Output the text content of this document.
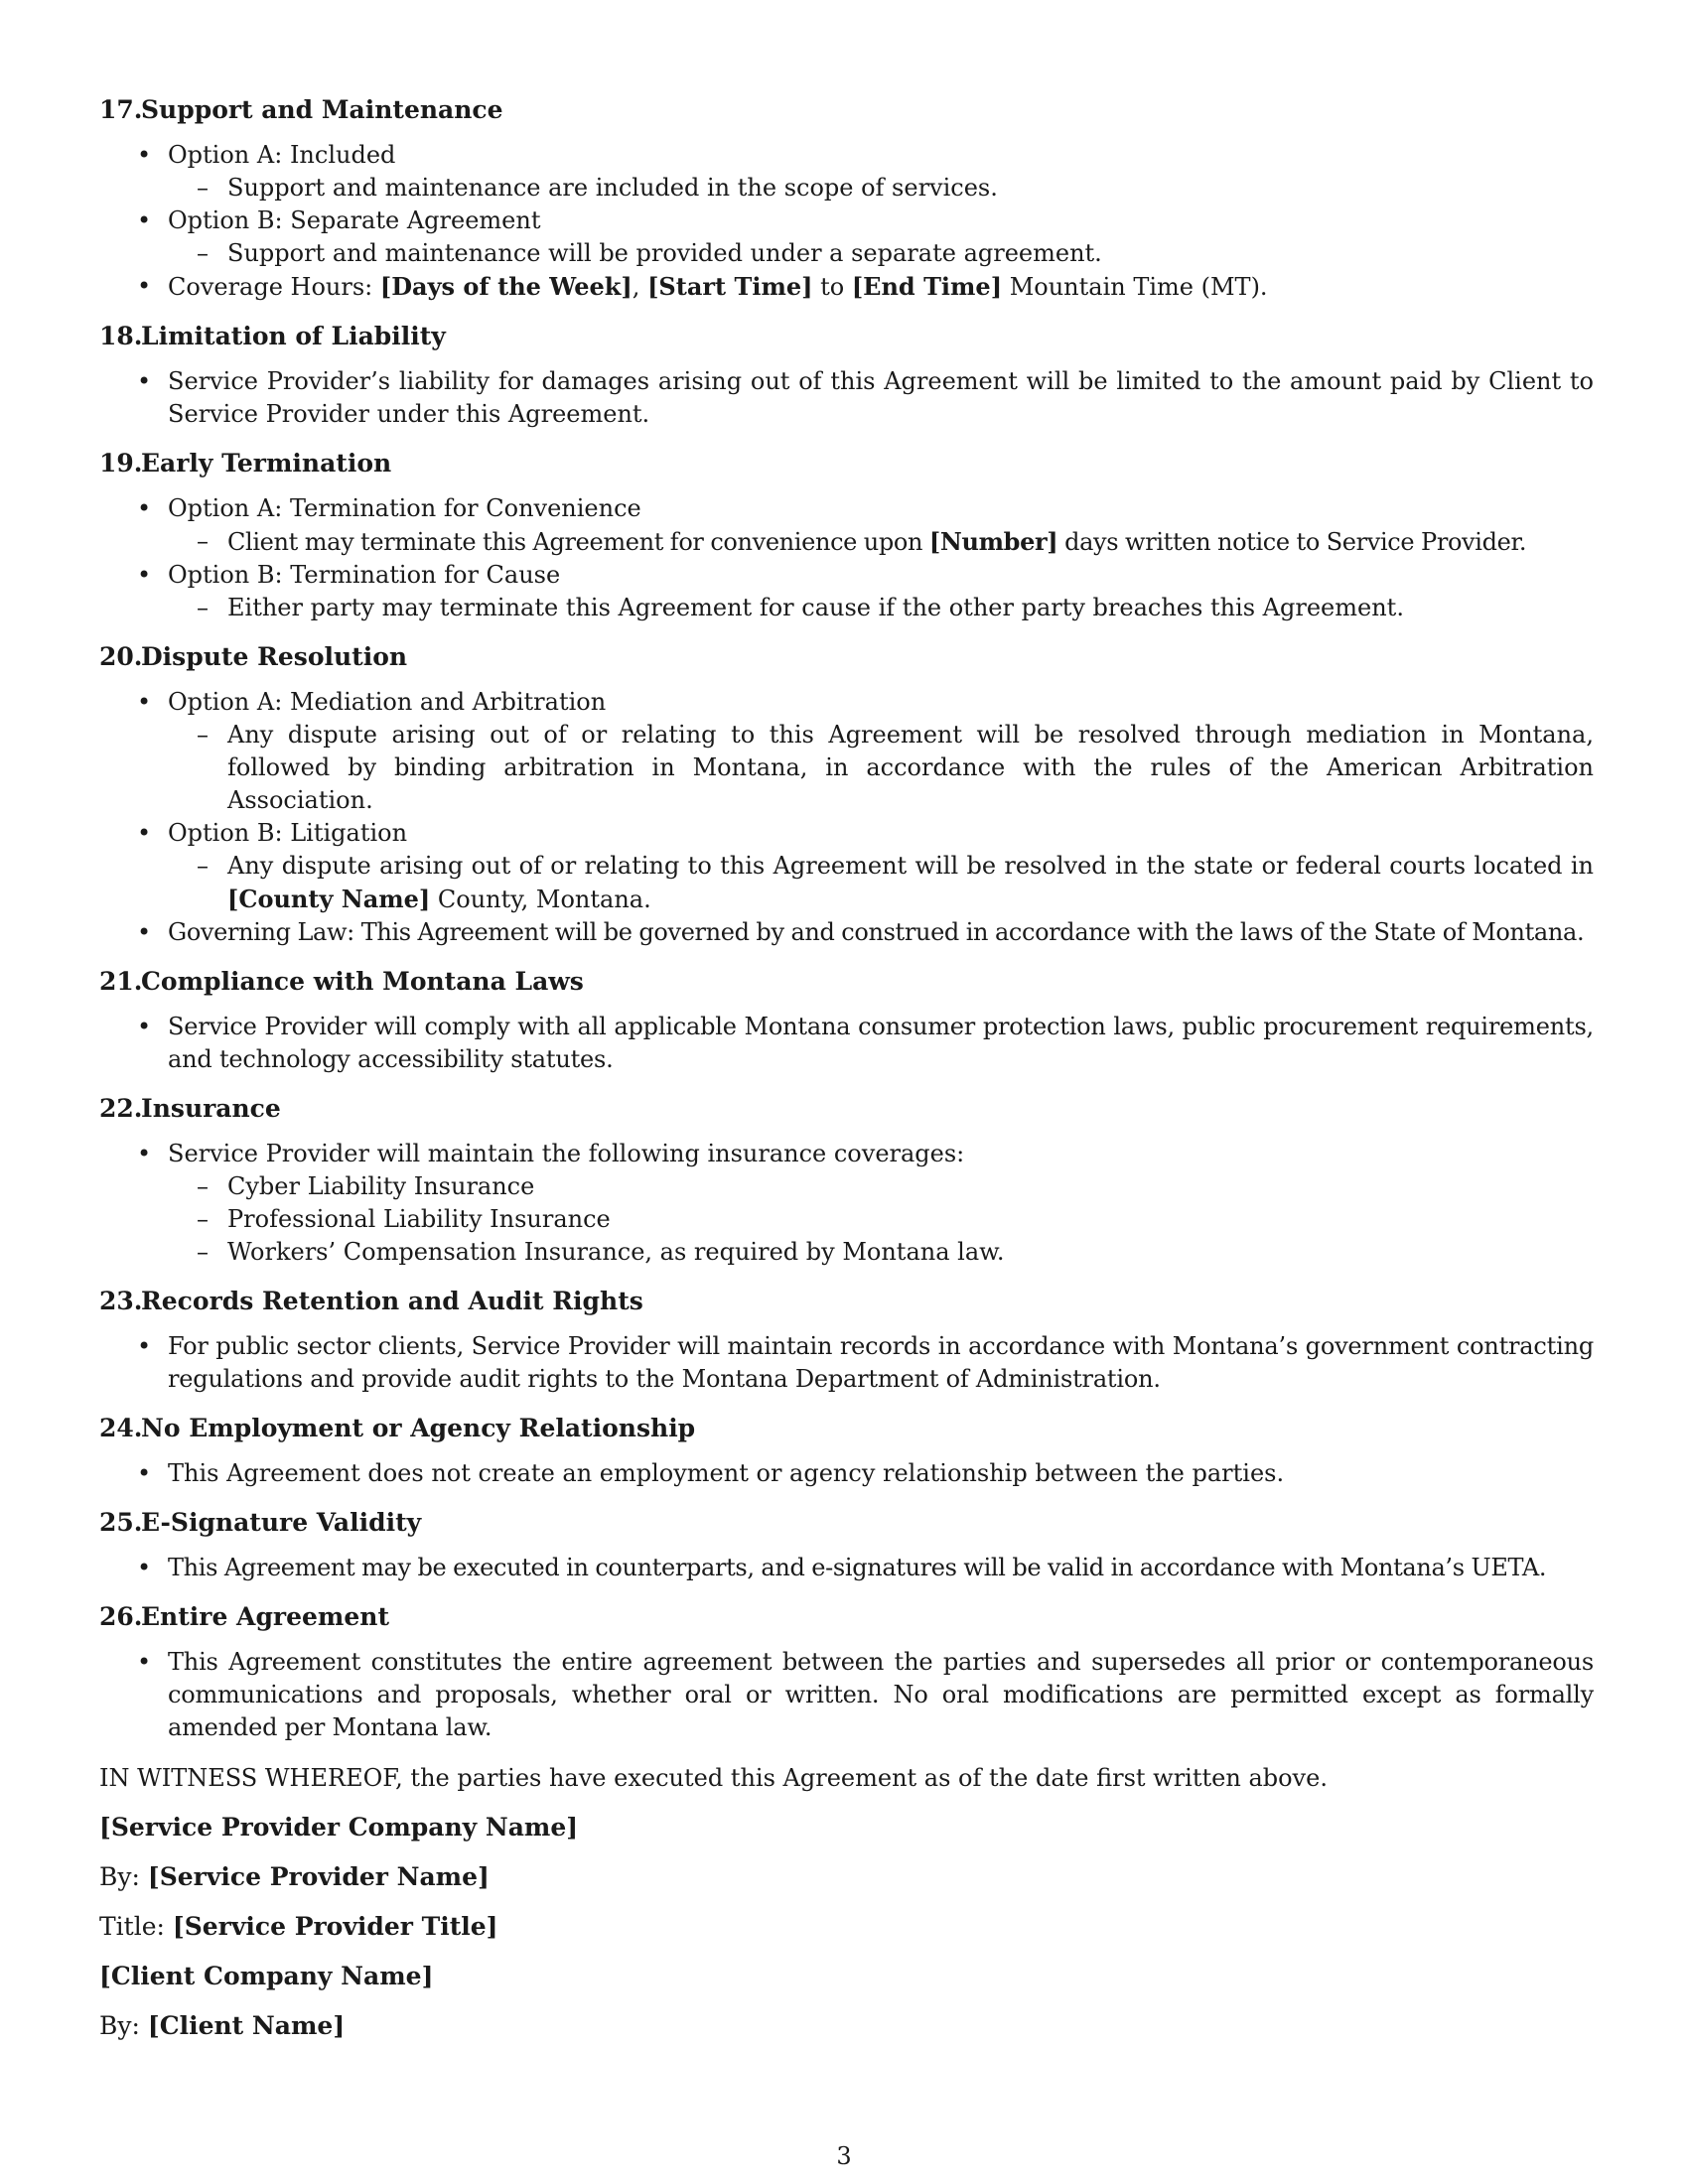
17.Support and Maintenance
• Option A: Included
– Support and maintenance are included in the scope of services.
• Option B: Separate Agreement
– Support and maintenance will be provided under a separate agreement.
• Coverage Hours: [Days of the Week], [Start Time] to [End Time] Mountain Time (MT).
18.Limitation of Liability
• Service Provider’s liability for damages arising out of this Agreement will be limited to the amount paid by Client to Service Provider under this Agreement.
19.Early Termination
• Option A: Termination for Convenience
– Client may terminate this Agreement for convenience upon [Number] days written notice to Service Provider.
• Option B: Termination for Cause
– Either party may terminate this Agreement for cause if the other party breaches this Agreement.
20.Dispute Resolution
• Option A: Mediation and Arbitration
– Any dispute arising out of or relating to this Agreement will be resolved through mediation in Montana, followed by binding arbitration in Montana, in accordance with the rules of the American Arbitration Association.
• Option B: Litigation
– Any dispute arising out of or relating to this Agreement will be resolved in the state or federal courts located in [County Name] County, Montana.
• Governing Law: This Agreement will be governed by and construed in accordance with the laws of the State of Montana.
21.Compliance with Montana Laws
• Service Provider will comply with all applicable Montana consumer protection laws, public procurement requirements, and technology accessibility statutes.
22.Insurance
• Service Provider will maintain the following insurance coverages:
– Cyber Liability Insurance
– Professional Liability Insurance
– Workers’ Compensation Insurance, as required by Montana law.
23.Records Retention and Audit Rights
• For public sector clients, Service Provider will maintain records in accordance with Montana’s government contracting regulations and provide audit rights to the Montana Department of Administration.
24.No Employment or Agency Relationship
• This Agreement does not create an employment or agency relationship between the parties.
25.E-Signature Validity
• This Agreement may be executed in counterparts, and e-signatures will be valid in accordance with Montana’s UETA.
26.Entire Agreement
• This Agreement constitutes the entire agreement between the parties and supersedes all prior or contemporaneous communications and proposals, whether oral or written. No oral modifications are permitted except as formally amended per Montana law.

IN WITNESS WHEREOF, the parties have executed this Agreement as of the date first written above.

[Service Provider Company Name]

By: [Service Provider Name]

Title: [Service Provider Title]

[Client Company Name]

By: [Client Name]

3
